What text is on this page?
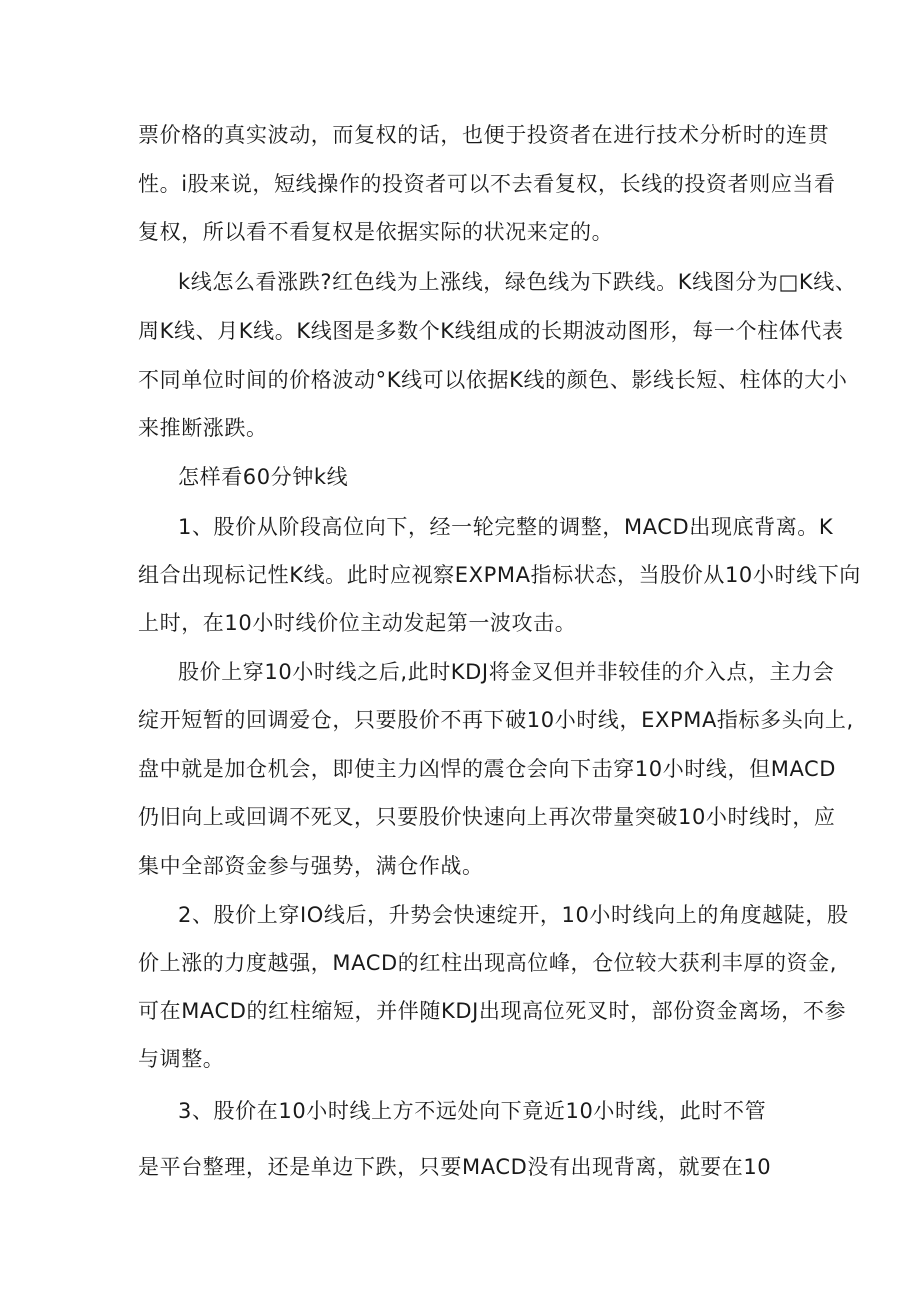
票价格的真实波动，而复权的话，也便于投资者在进行技术分析时的连贯
性。i股来说，短线操作的投资者可以不去看复权，长线的投资者则应当看
复权，所以看不看复权是依据实际的状况来定的。
k线怎么看涨跌?红色线为上涨线，绿色线为下跌线。K线图分为□K线、
周K线、月K线。K线图是多数个K线组成的长期波动图形，每一个柱体代表
不同单位时间的价格波动°K线可以依据K线的颜色、影线长短、柱体的大小
来推断涨跌。
怎样看60分钟k线
1、股价从阶段高位向下，经一轮完整的调整，MACD出现底背离。K
组合出现标记性K线。此时应视察EXPMA指标状态，当股价从10小时线下向
上时，在10小时线价位主动发起第一波攻击。
股价上穿10小时线之后,此时KDJ将金叉但并非较佳的介入点，主力会
绽开短暂的回调爱仓，只要股价不再下破10小时线，EXPMA指标多头向上,
盘中就是加仓机会，即使主力凶悍的震仓会向下击穿10小时线，但MACD
仍旧向上或回调不死叉，只要股价快速向上再次带量突破10小时线时，应
集中全部资金参与强势，满仓作战。
2、股价上穿IO线后，升势会快速绽开，10小时线向上的角度越陡，股
价上涨的力度越强，MACD的红柱出现高位峰，仓位较大获利丰厚的资金,
可在MACD的红柱缩短，并伴随KDJ出现高位死叉时，部份资金离场，不参
与调整。
3、股价在10小时线上方不远处向下竟近10小时线，此时不管
是平台整理，还是单边下跌，只要MACD没有出现背离，就要在10
